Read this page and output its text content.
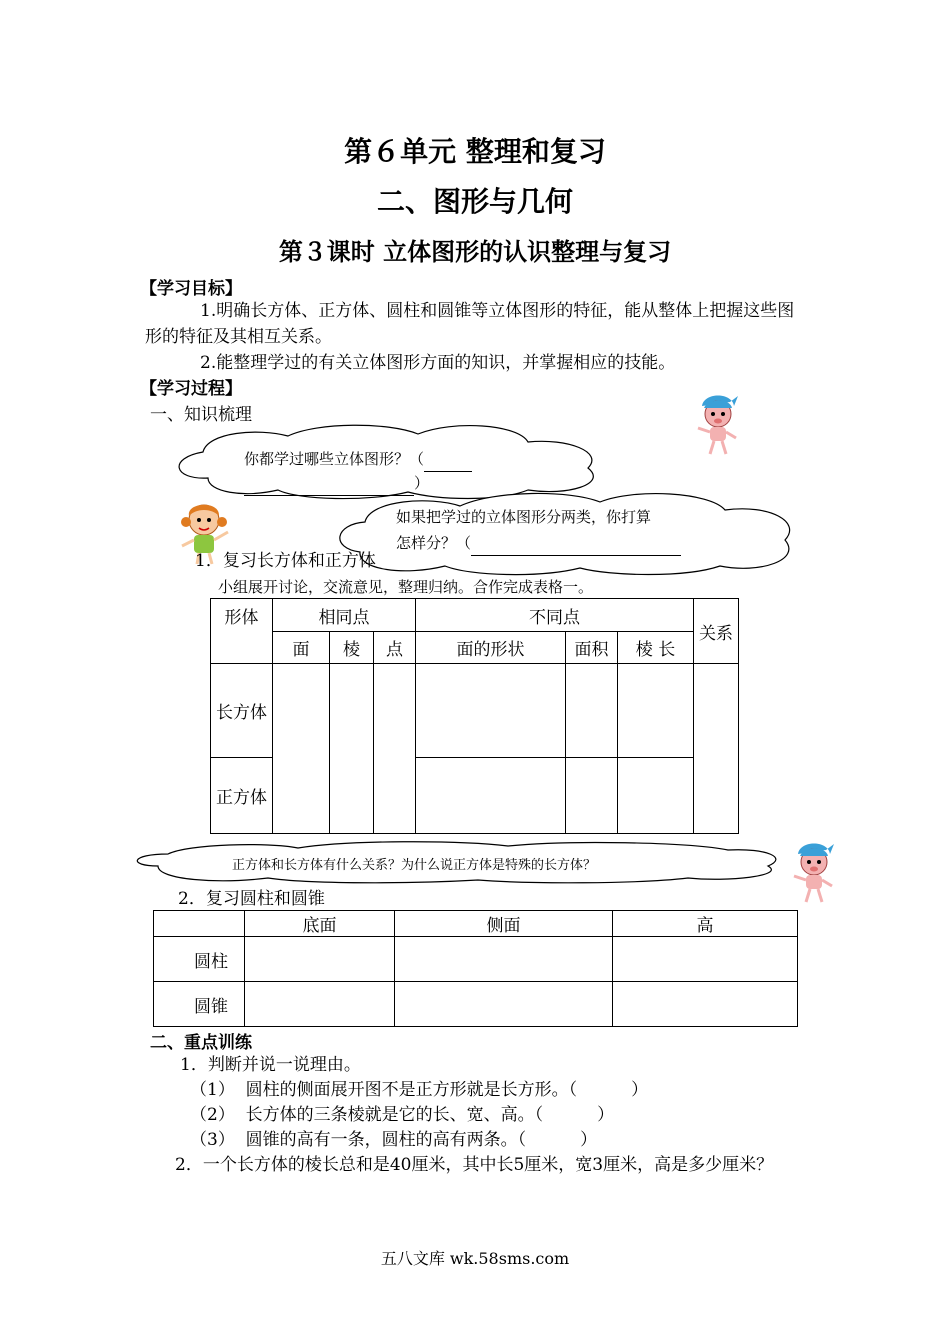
第６单元 整理和复习
二、图形与几何
第３课时 立体图形的认识整理与复习
【学习目标】
1.明确长方体、正方体、圆柱和圆锥等立体图形的特征，能从整体上把握这些图形的特征及其相互关系。
2.能整理学过的有关立体图形方面的知识，并掌握相应的技能。
【学习过程】
一、知识梳理
你都学过哪些立体图形？（
）
如果把学过的立体图形分两类，你打算
怎样分？（
1．复习长方体和正方体
小组展开讨论，交流意见，整理归纳。合作完成表格一。
形体	相同点			不同点			关系
	面	棱	点	面的形状	面积	棱 长	
长方体							
正方体							
正方体和长方体有什么关系？为什么说正方体是特殊的长方体？
2．复习圆柱和圆锥
	底面	侧面	高
圆柱			
圆锥			
二、重点训练
1．判断并说一说理由。
（1）  圆柱的侧面展开图不是正方形就是长方形。（          ）
（2）  长方体的三条棱就是它的长、宽、高。（          ）
（3）  圆锥的高有一条，圆柱的高有两条。（          ）
2．一个长方体的棱长总和是40厘米，其中长5厘米，宽3厘米，高是多少厘米？
五八文库 wk.58sms.com
